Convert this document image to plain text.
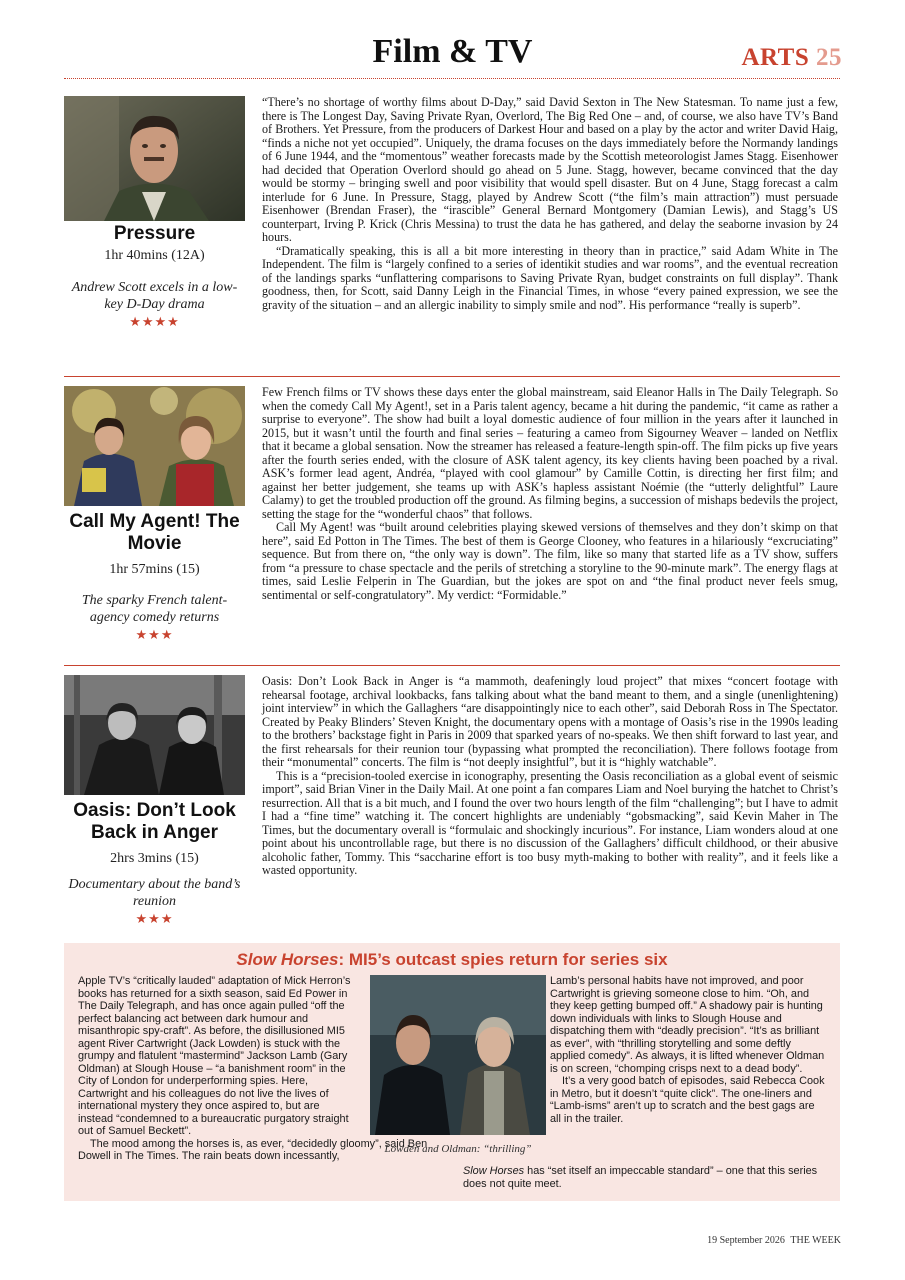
Film & TV	ARTS 25
Pressure
1hr 40mins (12A)
Andrew Scott excels in a low-key D-Day drama
★★★★

“There’s no shortage of worthy films about D-Day,” said David Sexton in The New Statesman. To name just a few, there is The Longest Day, Saving Private Ryan, Overlord, The Big Red One – and, of course, we also have TV’s Band of Brothers. Yet Pressure, from the producers of Darkest Hour and based on a play by the actor and writer David Haig, “finds a niche not yet occupied”. Uniquely, the drama focuses on the days immediately before the Normandy landings of 6 June 1944, and the “momentous” weather forecasts made by the Scottish meteorologist James Stagg. Eisenhower had decided that Operation Overlord should go ahead on 5 June. Stagg, however, became convinced that the day would be stormy – bringing swell and poor visibility that would spell disaster. But on 4 June, Stagg forecast a calm interlude for 6 June. In Pressure, Stagg, played by Andrew Scott (“the film’s main attraction”) must persuade Eisenhower (Brendan Fraser), the “irascible” General Bernard Montgomery (Damian Lewis), and Stagg’s US counterpart, Irving P. Krick (Chris Messina) to trust the data he has gathered, and delay the seaborne invasion by 24 hours.

“Dramatically speaking, this is all a bit more interesting in theory than in practice,” said Adam White in The Independent. The film is “largely confined to a series of identikit studies and war rooms”, and the eventual recreation of the landings sparks “unflattering comparisons to Saving Private Ryan, budget constraints on full display”. Thank goodness, then, for Scott, said Danny Leigh in the Financial Times, in whose “every pained expression, we see the gravity of the situation – and an allergic inability to simply smile and nod”. His performance “really is superb”.

Call My Agent! The Movie
1hr 57mins (15)
The sparky French talent-agency comedy returns
★★★

Few French films or TV shows these days enter the global mainstream, said Eleanor Halls in The Daily Telegraph. So when the comedy Call My Agent!, set in a Paris talent agency, became a hit during the pandemic, “it came as rather a surprise to everyone”. The show had built a loyal domestic audience of four million in the years after it launched in 2015, but it wasn’t until the fourth and final series – featuring a cameo from Sigourney Weaver – landed on Netflix that it became a global sensation. Now the streamer has released a feature-length spin-off. The film picks up five years after the fourth series ended, with the closure of ASK talent agency, its key clients having been poached by a rival. ASK’s former lead agent, Andréa, “played with cool glamour” by Camille Cottin, is directing her first film; and against her better judgement, she teams up with ASK’s hapless assistant Noémie (the “utterly delightful” Laure Calamy) to get the troubled production off the ground. As filming begins, a succession of mishaps bedevils the project, setting the stage for the “wonderful chaos” that follows.

Call My Agent! was “built around celebrities playing skewed versions of themselves and they don’t skimp on that here”, said Ed Potton in The Times. The best of them is George Clooney, who features in a hilariously “excruciating” sequence. But from there on, “the only way is down”. The film, like so many that started life as a TV show, suffers from “a pressure to chase spectacle and the perils of stretching a storyline to the 90-minute mark”. The energy flags at times, said Leslie Felperin in The Guardian, but the jokes are spot on and “the final product never feels smug, sentimental or self-congratulatory”. My verdict: “Formidable.”

Oasis: Don’t Look Back in Anger
2hrs 3mins (15)
Documentary about the band’s reunion
★★★

Oasis: Don’t Look Back in Anger is “a mammoth, deafeningly loud project” that mixes “concert footage with rehearsal footage, archival lookbacks, fans talking about what the band meant to them, and a single (unenlightening) joint interview” in which the Gallaghers “are disappointingly nice to each other”, said Deborah Ross in The Spectator. Created by Peaky Blinders’ Steven Knight, the documentary opens with a montage of Oasis’s rise in the 1990s leading to the brothers’ backstage fight in Paris in 2009 that sparked years of no-speaks. We then shift forward to last year, and the first rehearsals for their reunion tour (bypassing what prompted the reconciliation). There follows footage from their “monumental” concerts. The film is “not deeply insightful”, but it is “highly watchable”.

This is a “precision-tooled exercise in iconography, presenting the Oasis reconciliation as a global event of seismic import”, said Brian Viner in the Daily Mail. At one point a fan compares Liam and Noel burying the hatchet to Christ’s resurrection. All that is a bit much, and I found the over two hours length of the film “challenging”; but I have to admit I had a “fine time” watching it. The concert highlights are undeniably “gobsmacking”, said Kevin Maher in The Times, but the documentary overall is “formulaic and shockingly incurious”. For instance, Liam wonders aloud at one point about his uncontrollable rage, but there is no discussion of the Gallaghers’ difficult childhood, or their abusive alcoholic father, Tommy. This “saccharine effort is too busy myth-making to bother with reality”, and it feels like a wasted opportunity.

Slow Horses: MI5’s outcast spies return for series six

Apple TV’s “critically lauded” adaptation of Mick Herron’s books has returned for a sixth season, said Ed Power in The Daily Telegraph, and has once again pulled “off the perfect balancing act between dark humour and misanthropic spy-craft”. As before, the disillusioned MI5 agent River Cartwright (Jack Lowden) is stuck with the grumpy and flatulent “mastermind” Jackson Lamb (Gary Oldman) at Slough House – “a banishment room” in the City of London for underperforming spies. Here, Cartwright and his colleagues do not live the lives of international mystery they once aspired to, but are instead “condemned to a bureaucratic purgatory straight out of Samuel Beckett”.

The mood among the horses is, as ever, “decidedly gloomy”, said Ben Dowell in The Times. The rain beats down incessantly,

Lowden and Oldman: “thrilling”

Lamb’s personal habits have not improved, and poor Cartwright is grieving someone close to him. “Oh, and they keep getting bumped off.” A shadowy pair is hunting down individuals with links to Slough House and dispatching them with “deadly precision”. “It’s as brilliant as ever”, with “thrilling storytelling and some deftly applied comedy”. As always, it is lifted whenever Oldman is on screen, “chomping crisps next to a dead body”.

It’s a very good batch of episodes, said Rebecca Cook in Metro, but it doesn’t “quite click”. The one-liners and “Lamb-isms” aren’t up to scratch and the best gags are all in the trailer.

Slow Horses has “set itself an impeccable standard” – one that this series does not quite meet.
19 September 2026 THE WEEK
